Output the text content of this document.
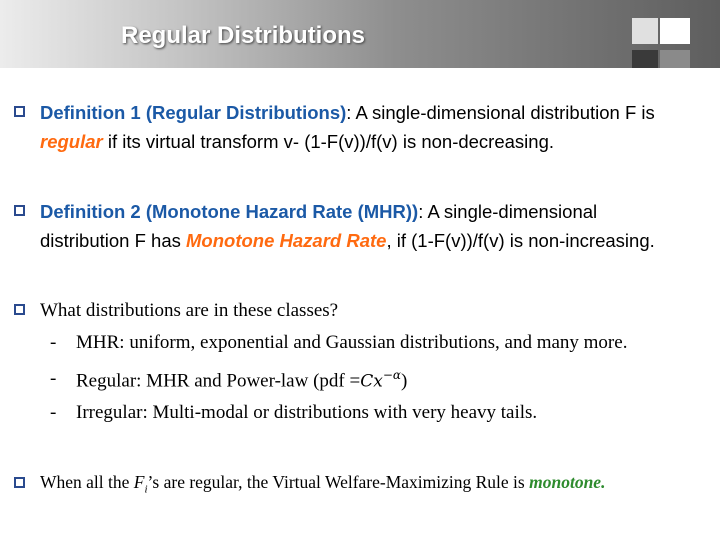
Regular Distributions
Definition 1 (Regular Distributions): A single-dimensional distribution F is
regular if its virtual transform v- (1-F(v))/f(v) is non-decreasing.
Definition 2 (Monotone Hazard Rate (MHR)): A single-dimensional
distribution F has Monotone Hazard Rate, if (1-F(v))/f(v) is non-increasing.
What distributions are in these classes?
- MHR: uniform, exponential and Gaussian distributions, and many more.
- Regular: MHR and Power-law $(pdf =Cx^{-\alpha})$
- Irregular: Multi-modal or distributions with very heavy tails.
When all the $F_i’s$ are regular, the Virtual Welfare-Maximizing Rule is monotone.
